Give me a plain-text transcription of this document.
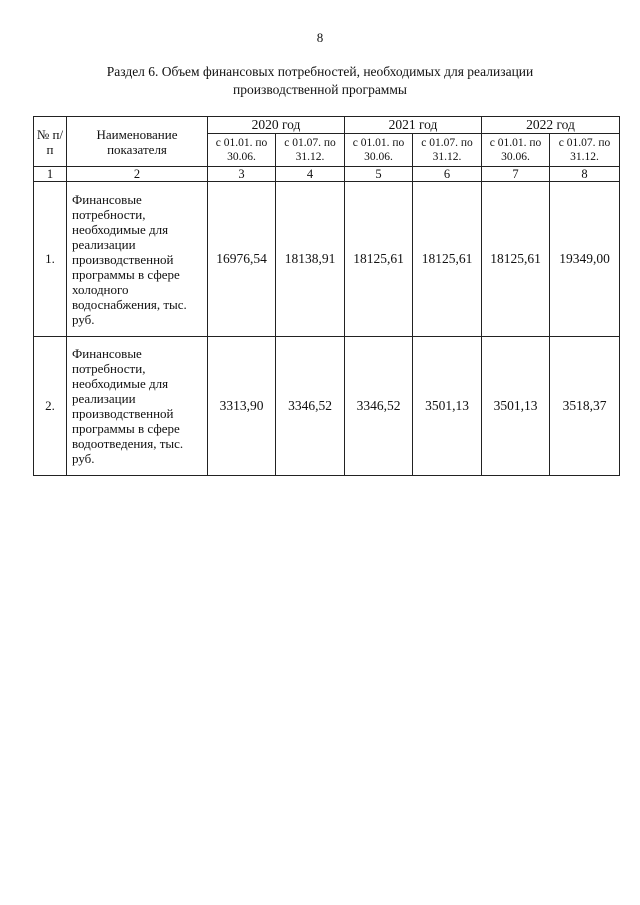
8
Раздел 6. Объем финансовых потребностей, необходимых для реализации
производственной программы
№ п/п	Наименование показателя	2020 год		2021 год		2022 год	
		с 01.01. по 30.06.	с 01.07. по 31.12.	с 01.01. по 30.06.	с 01.07. по 31.12.	с 01.01. по 30.06.	с 01.07. по 31.12.
1	2	3	4	5	6	7	8
1.	Финансовые потребности, необходимые для реализации производственной программы в сфере холодного водоснабжения, тыс. руб.	16976,54	18138,91	18125,61	18125,61	18125,61	19349,00
2.	Финансовые потребности, необходимые для реализации производственной программы в сфере водоотведения, тыс. руб.	3313,90	3346,52	3346,52	3501,13	3501,13	3518,37
